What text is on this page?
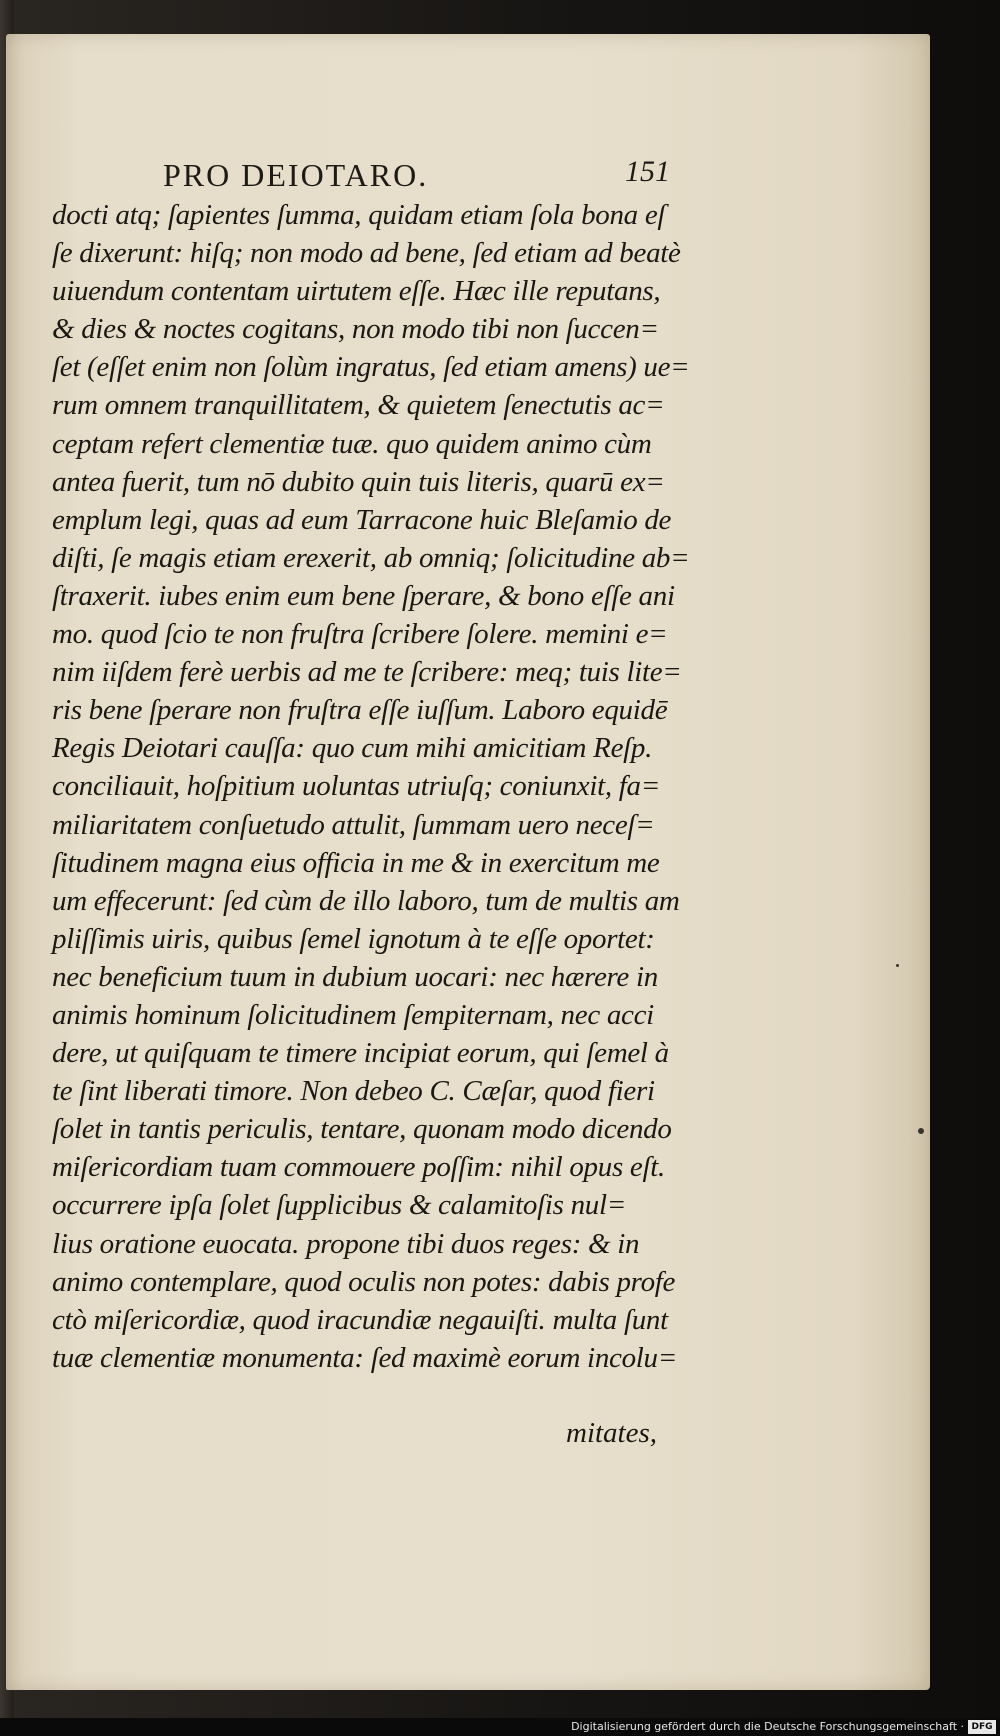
PRO DEIOTARO.	151
docti atq; ſapientes ſumma, quidam etiam ſola bona eſ
ſe dixerunt: hiſq; non modo ad bene, ſed etiam ad beatè
uiuendum contentam uirtutem eſſe. Hæc ille reputans,
& dies & noctes cogitans, non modo tibi non ſuccen=
ſet (eſſet enim non ſolùm ingratus, ſed etiam amens) ue=
rum omnem tranquillitatem, & quietem ſenectutis ac=
ceptam refert clementiæ tuæ. quo quidem animo cùm
antea fuerit, tum nō dubito quin tuis literis, quarū ex=
emplum legi, quas ad eum Tarracone huic Bleſamio de
diſti, ſe magis etiam erexerit, ab omniq; ſolicitudine ab=
ſtraxerit. iubes enim eum bene ſperare, & bono eſſe ani
mo. quod ſcio te non fruſtra ſcribere ſolere. memini e=
nim iiſdem ferè uerbis ad me te ſcribere: meq; tuis lite=
ris bene ſperare non fruſtra eſſe iuſſum. Laboro equidē
Regis Deiotari cauſſa: quo cum mihi amicitiam Reſp.
conciliauit, hoſpitium uoluntas utriuſq; coniunxit, fa=
miliaritatem conſuetudo attulit, ſummam uero neceſ=
ſitudinem magna eius officia in me & in exercitum me
um effecerunt: ſed cùm de illo laboro, tum de multis am
pliſſimis uiris, quibus ſemel ignotum à te eſſe oportet:
nec beneficium tuum in dubium uocari: nec hærere in
animis hominum ſolicitudinem ſempiternam, nec acci
dere, ut quiſquam te timere incipiat eorum, qui ſemel à
te ſint liberati timore. Non debeo C. Cæſar, quod fieri
ſolet in tantis periculis, tentare, quonam modo dicendo
miſericordiam tuam commouere poſſim: nihil opus eſt.
occurrere ipſa ſolet ſupplicibus & calamitoſis nul=
lius oratione euocata. propone tibi duos reges: & in
animo contemplare, quod oculis non potes: dabis profe
ctò miſericordiæ, quod iracundiæ negauiſti. multa ſunt
tuæ clementiæ monumenta: ſed maximè eorum incolu=
mitates,
Digitalisierung gefördert durch die Deutsche Forschungsgemeinschaft · DFG
